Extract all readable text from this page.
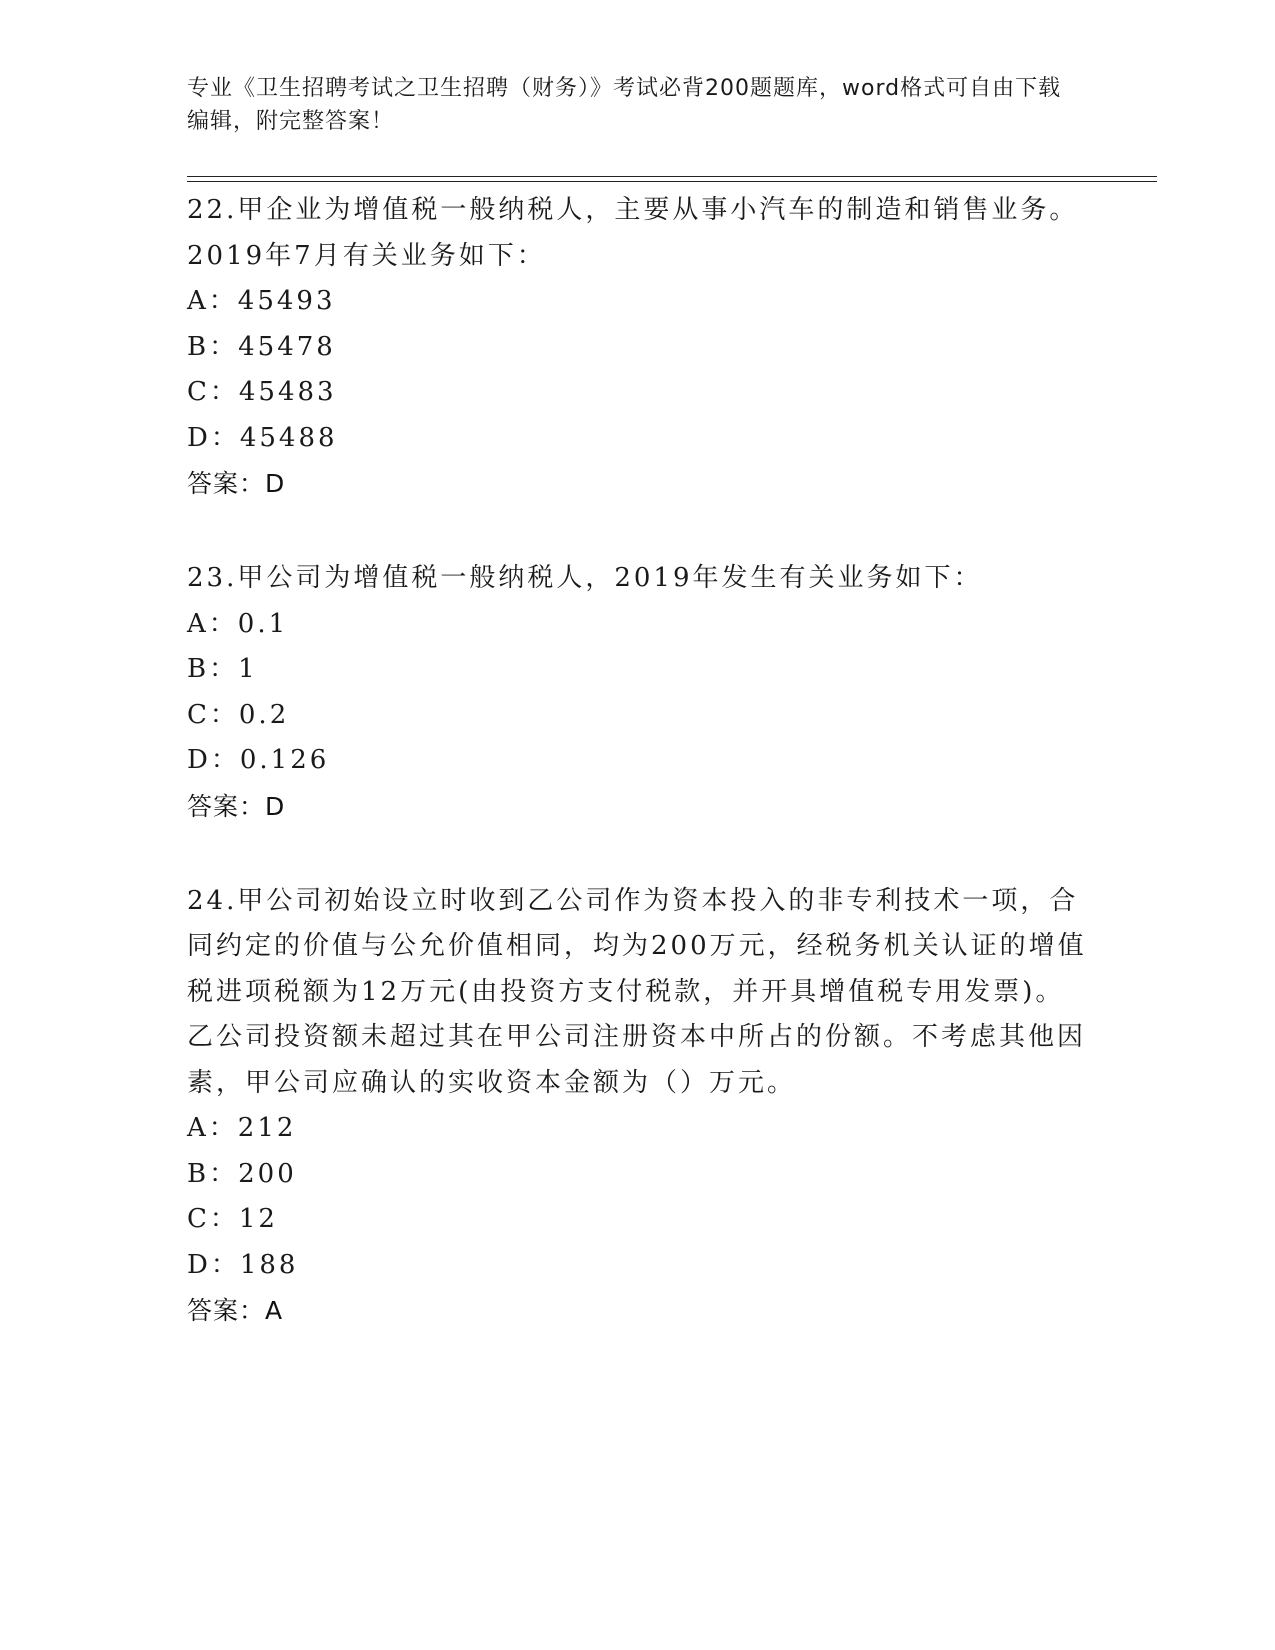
专业《卫生招聘考试之卫生招聘（财务）》考试必背200题题库，word格式可自由下载编辑，附完整答案！
22.甲企业为增值税一般纳税人，主要从事小汽车的制造和销售业务。2019年7月有关业务如下：
A：45493
B：45478
C：45483
D：45488
答案：D
23.甲公司为增值税一般纳税人，2019年发生有关业务如下：
A：0.1
B：1
C：0.2
D：0.126
答案：D
24.甲公司初始设立时收到乙公司作为资本投入的非专利技术一项，合同约定的价值与公允价值相同，均为200万元，经税务机关认证的增值税进项税额为12万元(由投资方支付税款，并开具增值税专用发票)。乙公司投资额未超过其在甲公司注册资本中所占的份额。不考虑其他因素，甲公司应确认的实收资本金额为（）万元。
A：212
B：200
C：12
D：188
答案：A
